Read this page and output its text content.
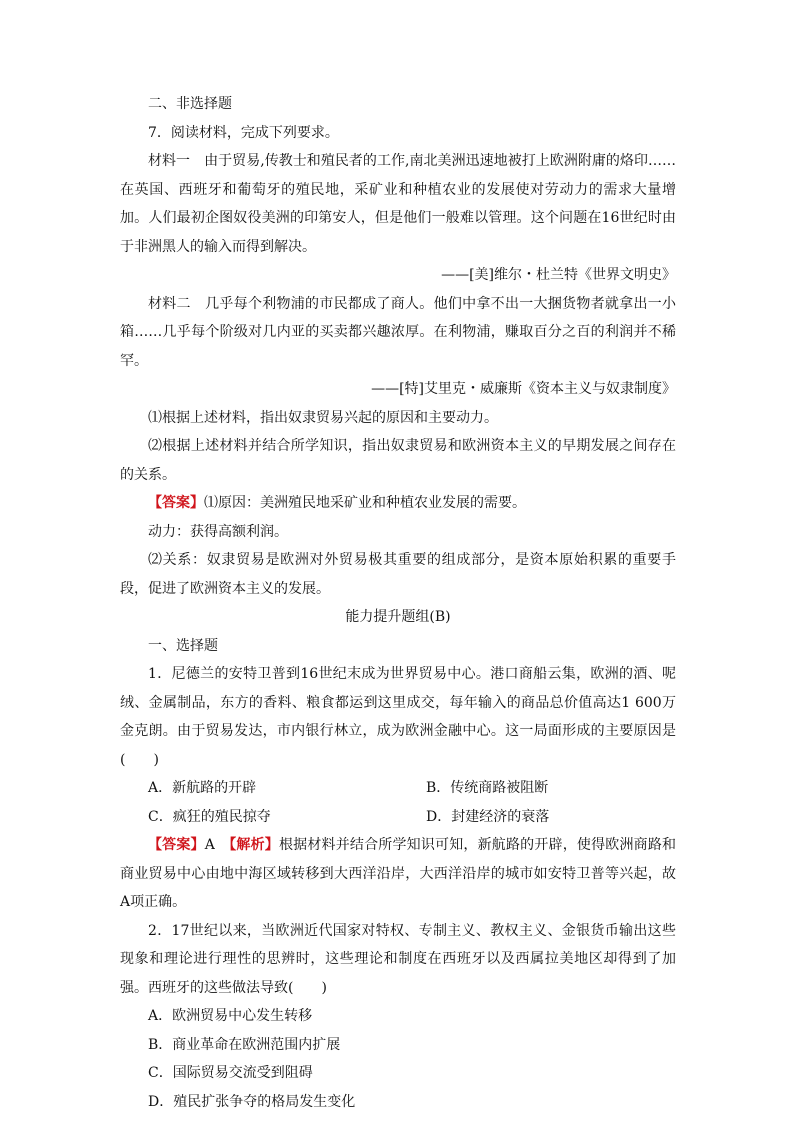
二、非选择题

7．阅读材料，完成下列要求。

材料一　由于贸易,传教士和殖民者的工作,南北美洲迅速地被打上欧洲附庸的烙印……在英国、西班牙和葡萄牙的殖民地，采矿业和种植农业的发展使对劳动力的需求大量增加。人们最初企图奴役美洲的印第安人，但是他们一般难以管理。这个问题在16世纪时由于非洲黑人的输入而得到解决。

——[美]维尔・杜兰特《世界文明史》

材料二　几乎每个利物浦的市民都成了商人。他们中拿不出一大捆货物者就拿出一小箱……几乎每个阶级对几内亚的买卖都兴趣浓厚。在利物浦，赚取百分之百的利润并不稀罕。

——[特]艾里克・威廉斯《资本主义与奴隶制度》

⑴根据上述材料，指出奴隶贸易兴起的原因和主要动力。

⑵根据上述材料并结合所学知识，指出奴隶贸易和欧洲资本主义的早期发展之间存在的关系。

【答案】⑴原因：美洲殖民地采矿业和种植农业发展的需要。

动力：获得高额利润。

⑵关系：奴隶贸易是欧洲对外贸易极其重要的组成部分，是资本原始积累的重要手段，促进了欧洲资本主义的发展。

能力提升题组(B)

一、选择题

1．尼德兰的安特卫普到16世纪末成为世界贸易中心。港口商船云集，欧洲的酒、呢绒、金属制品，东方的香料、粮食都运到这里成交，每年输入的商品总价值高达1 600万金克朗。由于贸易发达，市内银行林立，成为欧洲金融中心。这一局面形成的主要原因是(　　)

A．新航路的开辟	B．传统商路被阻断
C．疯狂的殖民掠夺	D．封建经济的衰落

【答案】A　 【解析】根据材料并结合所学知识可知，新航路的开辟，使得欧洲商路和商业贸易中心由地中海区域转移到大西洋沿岸，大西洋沿岸的城市如安特卫普等兴起，故A项正确。

2．17世纪以来，当欧洲近代国家对特权、专制主义、教权主义、金银货币输出这些现象和理论进行理性的思辨时，这些理论和制度在西班牙以及西属拉美地区却得到了加强。西班牙的这些做法导致(　　)

A．欧洲贸易中心发生转移

B．商业革命在欧洲范围内扩展

C．国际贸易交流受到阻碍

D．殖民扩张争夺的格局发生变化
